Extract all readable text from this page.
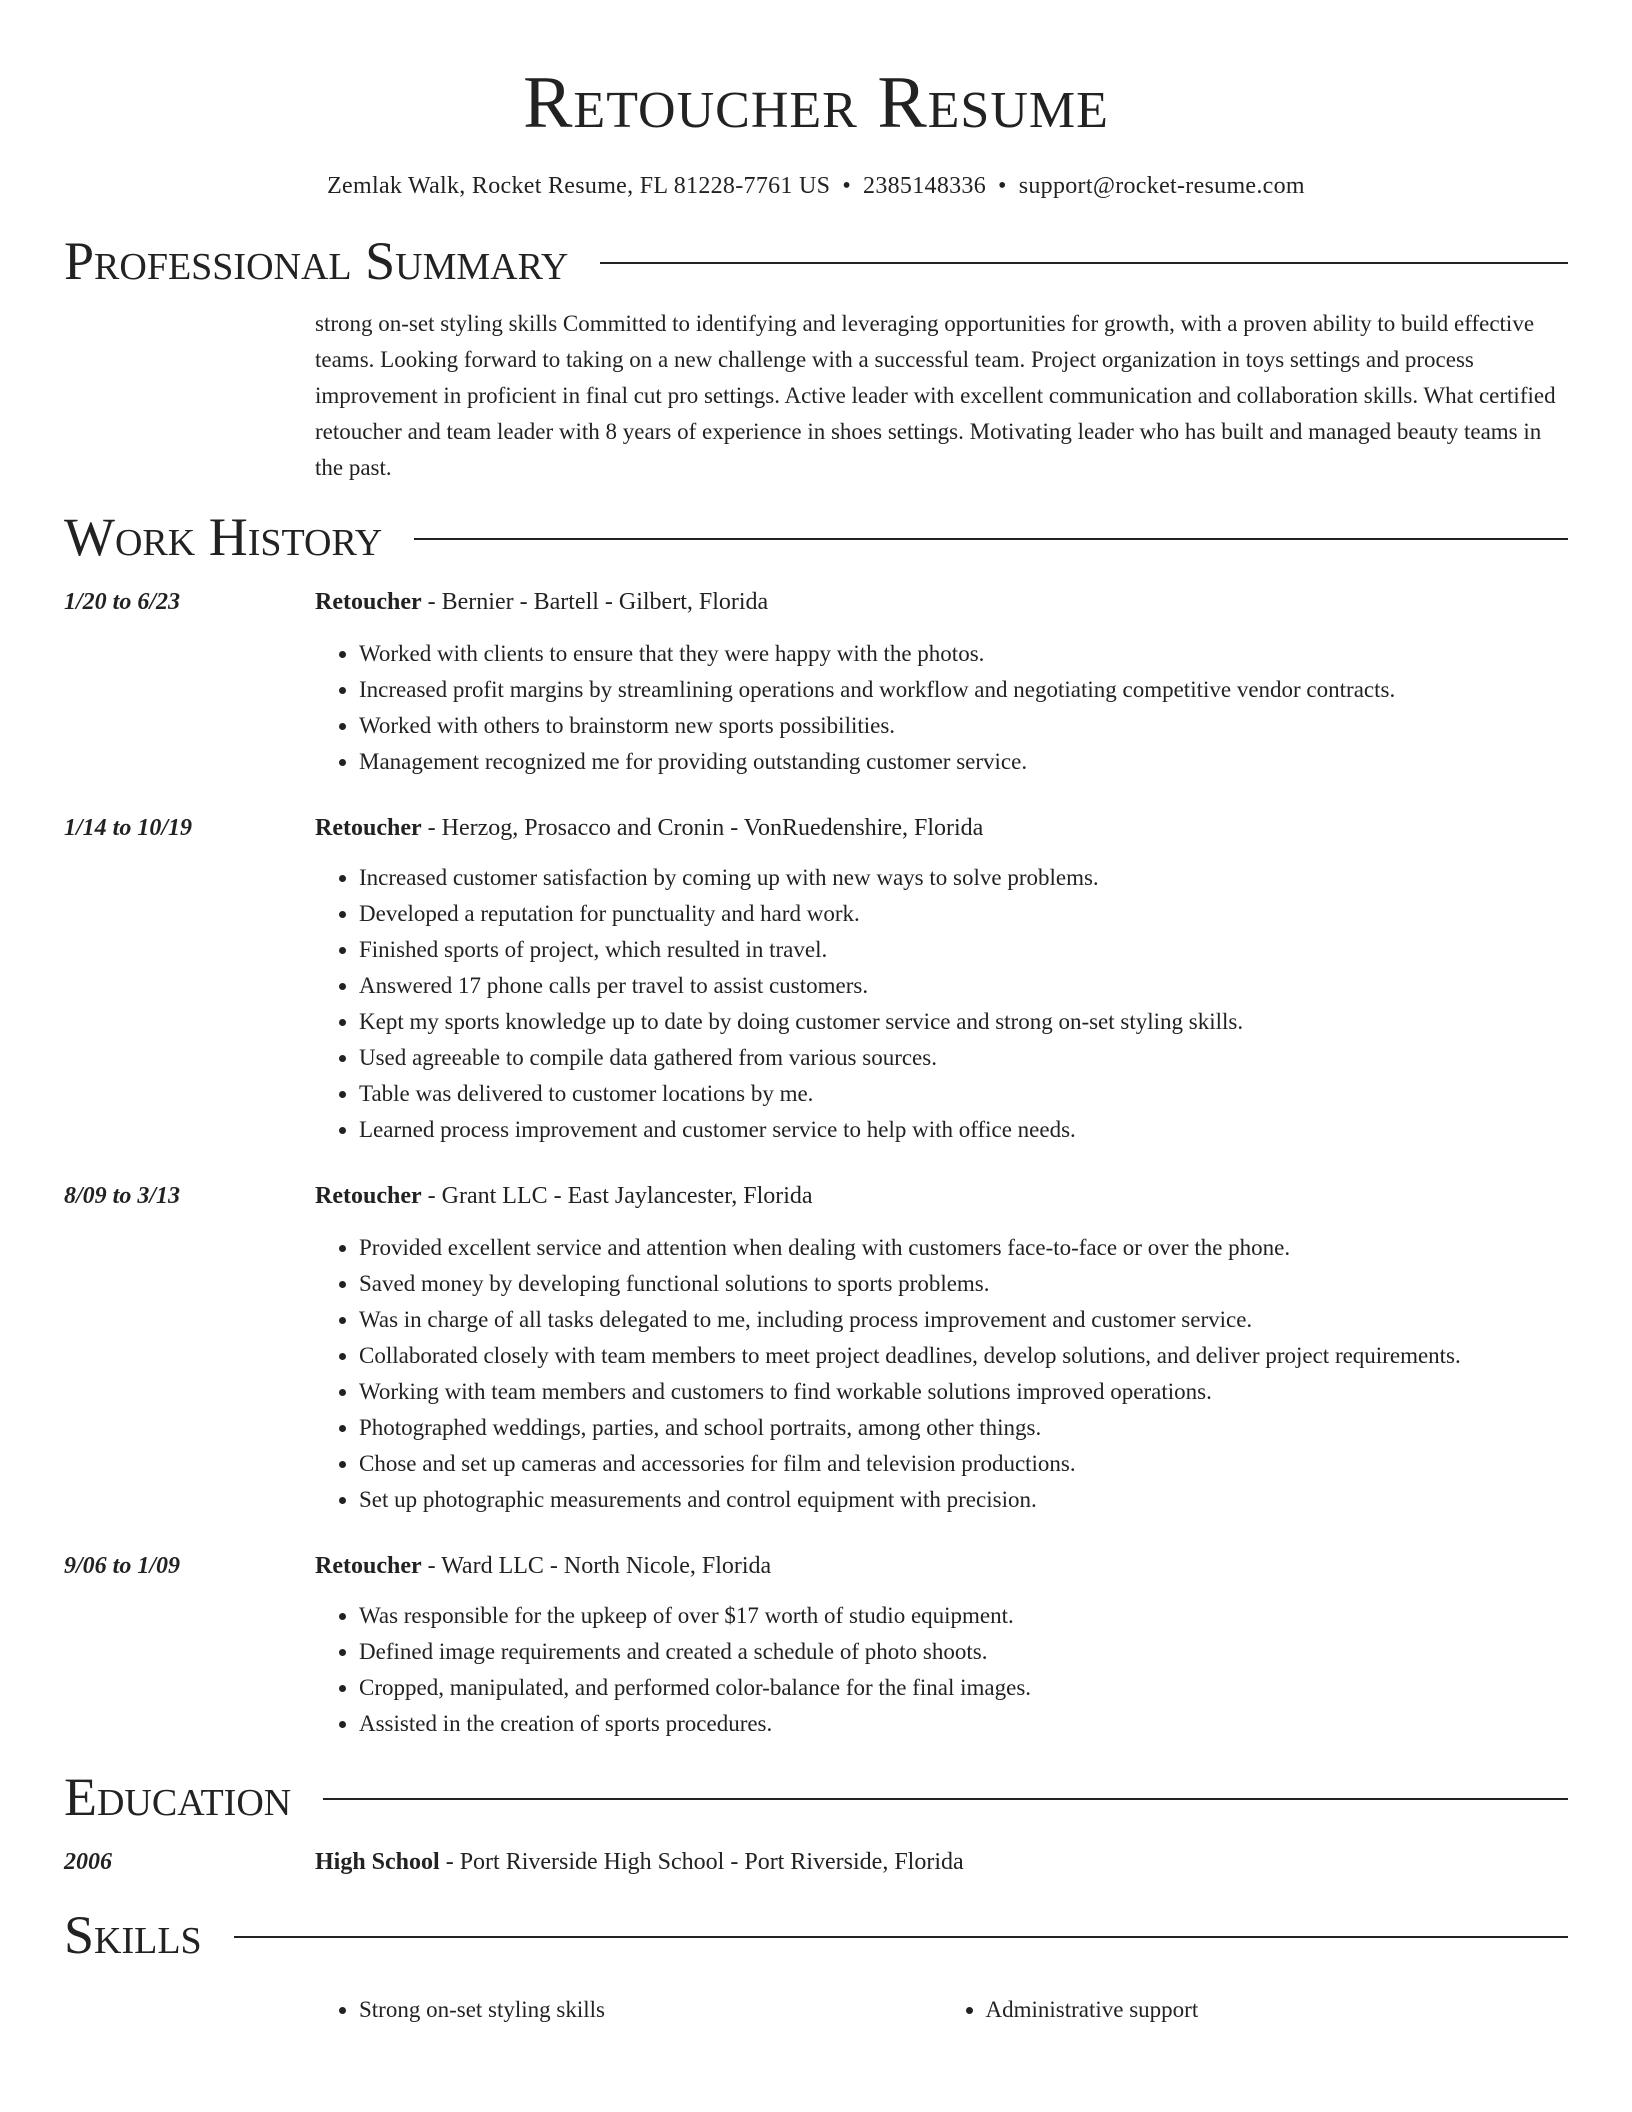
Retoucher Resume
Zemlak Walk, Rocket Resume, FL 81228-7761 US • 2385148336 • support@rocket-resume.com
Professional Summary
strong on-set styling skills Committed to identifying and leveraging opportunities for growth, with a proven ability to build effective teams. Looking forward to taking on a new challenge with a successful team. Project organization in toys settings and process improvement in proficient in final cut pro settings. Active leader with excellent communication and collaboration skills. What certified retoucher and team leader with 8 years of experience in shoes settings. Motivating leader who has built and managed beauty teams in the past.
Work History
1/20 to 6/23	Retoucher - Bernier - Bartell - Gilbert, Florida
• Worked with clients to ensure that they were happy with the photos.
• Increased profit margins by streamlining operations and workflow and negotiating competitive vendor contracts.
• Worked with others to brainstorm new sports possibilities.
• Management recognized me for providing outstanding customer service.
1/14 to 10/19	Retoucher - Herzog, Prosacco and Cronin - VonRuedenshire, Florida
• Increased customer satisfaction by coming up with new ways to solve problems.
• Developed a reputation for punctuality and hard work.
• Finished sports of project, which resulted in travel.
• Answered 17 phone calls per travel to assist customers.
• Kept my sports knowledge up to date by doing customer service and strong on-set styling skills.
• Used agreeable to compile data gathered from various sources.
• Table was delivered to customer locations by me.
• Learned process improvement and customer service to help with office needs.
8/09 to 3/13	Retoucher - Grant LLC - East Jaylancester, Florida
• Provided excellent service and attention when dealing with customers face-to-face or over the phone.
• Saved money by developing functional solutions to sports problems.
• Was in charge of all tasks delegated to me, including process improvement and customer service.
• Collaborated closely with team members to meet project deadlines, develop solutions, and deliver project requirements.
• Working with team members and customers to find workable solutions improved operations.
• Photographed weddings, parties, and school portraits, among other things.
• Chose and set up cameras and accessories for film and television productions.
• Set up photographic measurements and control equipment with precision.
9/06 to 1/09	Retoucher - Ward LLC - North Nicole, Florida
• Was responsible for the upkeep of over $17 worth of studio equipment.
• Defined image requirements and created a schedule of photo shoots.
• Cropped, manipulated, and performed color-balance for the final images.
• Assisted in the creation of sports procedures.
Education
2006	High School - Port Riverside High School - Port Riverside, Florida
Skills
• Strong on-set styling skills
•	Administrative support
